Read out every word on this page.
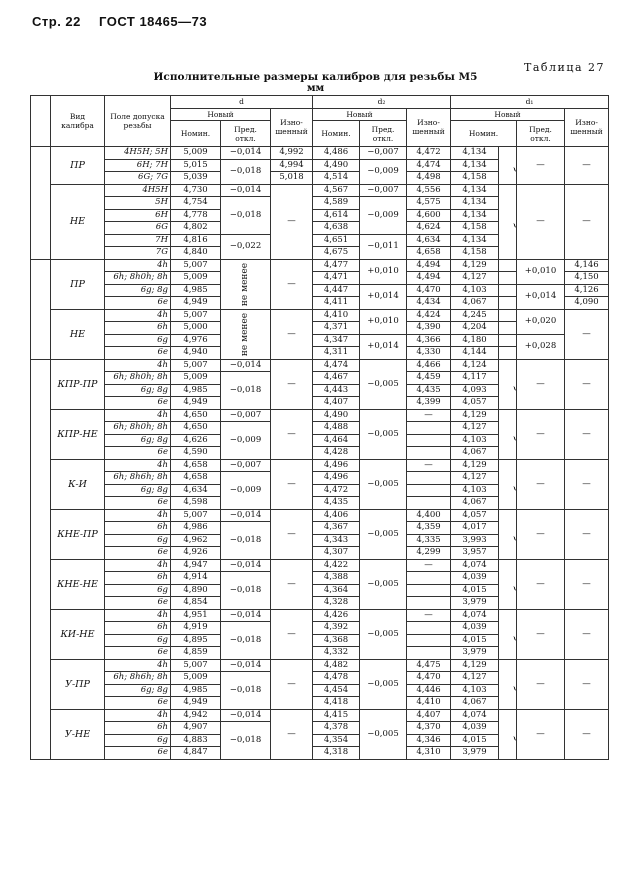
Стр. 22 ГОСТ 18465—73
Таблица 27
Исполнительные размеры калибров для резьбы М5
мм
	Вид калибра	Поле допуска резьбы	d			d₂			d₁			
			Новый		Изно-шенный	Новый		Изно-шенный	Новый			Изно-шенный
			Номин.	Пред. откл.		Номин.	Пред. откл.		Номин.		Пред. откл.	
	ПР	4H5H; 5H	5,009	−0,014	4,992	4,486	−0,007	4,472	4,134	не более	—	—
		6H; 7H	5,015	−0,018	4,994	4,490	−0,009	4,474	4,134			
		6G; 7G	5,039		5,018	4,514		4,498	4,158			
	НЕ	4H5H	4,730	−0,014	—	4,567	−0,007	4,556	4,134	не более	—	—
		5H	4,754	−0,018		4,589	−0,009	4,575	4,134			
		6H	4,778			4,614		4,600	4,134			
		6G	4,802			4,638		4,624	4,158			
		7H	4,816	−0,022		4,651	−0,011	4,634	4,134			
		7G	4,840			4,675		4,658	4,158			
	ПР	4h	5,007	не менее	—	4,477	+0,010	4,494	4,129		+0,010	4,146
		6h; 8h0h; 8h	5,009			4,471		4,494	4,127			4,150
		6g; 8g	4,985			4,447	+0,014	4,470	4,103		+0,014	4,126
		6e	4,949			4,411		4,434	4,067			4,090
	НЕ	4h	5,007	не менее	—	4,410	+0,010	4,424	4,245		+0,020	—
		6h	5,000			4,371		4,390	4,204			
		6g	4,976			4,347	+0,014	4,366	4,180		+0,028	
		6e	4,940			4,311		4,330	4,144			
	КПР-ПР	4h	5,007	−0,014	—	4,474	−0,005	4,466	4,124	не более	—	—
		6h; 8h0h; 8h	5,009	−0,018		4,467		4,459	4,117			
		6g; 8g	4,985			4,443		4,435	4,093			
		6e	4,949			4,407		4,399	4,057			
	КПР-НЕ	4h	4,650	−0,007	—	4,490	−0,005	—	4,129	не более	—	—
		6h; 8h0h; 8h	4,650	−0,009		4,488			4,127			
		6g; 8g	4,626			4,464			4,103			
		6e	4,590			4,428			4,067			
	К-И	4h	4,658	−0,007	—	4,496	−0,005	—	4,129	не более	—	—
		6h; 8h6h; 8h	4,658	−0,009		4,496			4,127			
		6g; 8g	4,634			4,472			4,103			
		6e	4,598			4,435			4,067			
	КНЕ-ПР	4h	5,007	−0,014	—	4,406	−0,005	4,400	4,057	не более	—	—
		6h	4,986	−0,018		4,367		4,359	4,017			
		6g	4,962			4,343		4,335	3,993			
		6e	4,926			4,307		4,299	3,957			
	КНЕ-НЕ	4h	4,947	−0,014	—	4,422	−0,005	—	4,074	не более	—	—
		6h	4,914	−0,018		4,388			4,039			
		6g	4,890			4,364			4,015			
		6e	4,854			4,328			3,979			
	КИ-НЕ	4h	4,951	−0,014	—	4,426	−0,005	—	4,074	не более	—	—
		6h	4,919	−0,018		4,392			4,039			
		6g	4,895			4,368			4,015			
		6e	4,859			4,332			3,979			
	У-ПР	4h	5,007	−0,014	—	4,482	−0,005	4,475	4,129	не более	—	—
		6h; 8h6h; 8h	5,009	−0,018		4,478		4,470	4,127			
		6g; 8g	4,985			4,454		4,446	4,103			
		6e	4,949			4,418		4,410	4,067			
	У-НЕ	4h	4,942	−0,014	—	4,415	−0,005	4,407	4,074	не более	—	—
		6h	4,907	−0,018		4,378		4,370	4,039			
		6g	4,883			4,354		4,346	4,015			
		6e	4,847			4,318		4,310	3,979			
